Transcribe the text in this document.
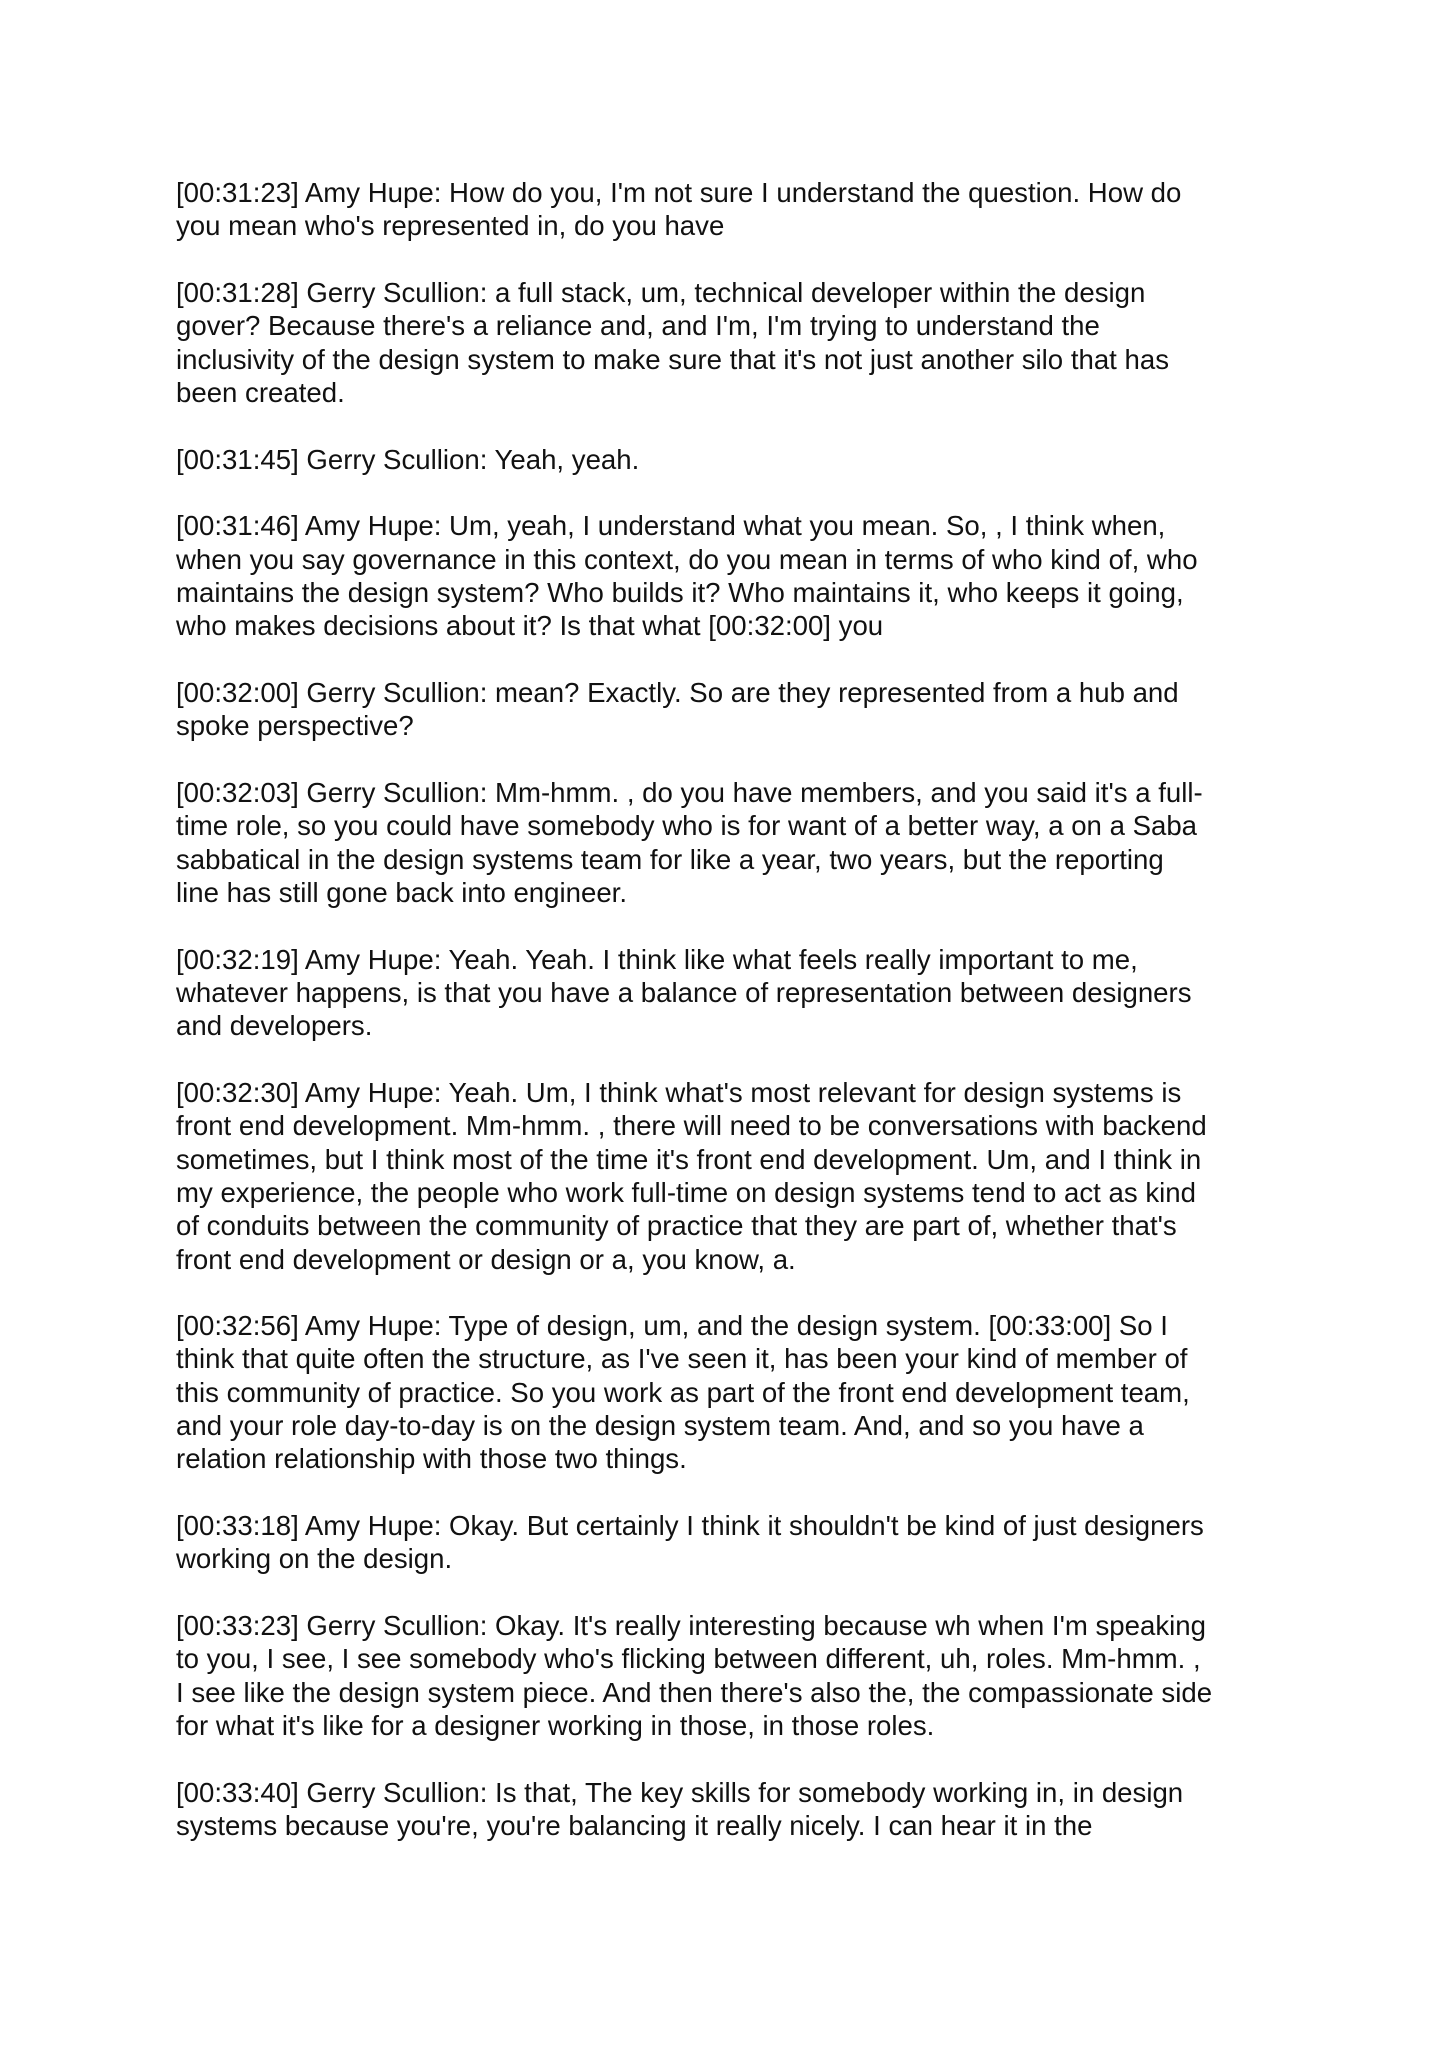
[00:31:23] Amy Hupe: How do you, I'm not sure I understand the question. How do
you mean who's represented in, do you have

[00:31:28] Gerry Scullion: a full stack, um, technical developer within the design
gover? Because there's a reliance and, and I'm, I'm trying to understand the
inclusivity of the design system to make sure that it's not just another silo that has
been created.

[00:31:45] Gerry Scullion: Yeah, yeah.

[00:31:46] Amy Hupe: Um, yeah, I understand what you mean. So, , I think when,
when you say governance in this context, do you mean in terms of who kind of, who
maintains the design system? Who builds it? Who maintains it, who keeps it going,
who makes decisions about it? Is that what [00:32:00] you

[00:32:00] Gerry Scullion: mean? Exactly. So are they represented from a hub and
spoke perspective?

[00:32:03] Gerry Scullion: Mm-hmm. , do you have members, and you said it's a full-
time role, so you could have somebody who is for want of a better way, a on a Saba
sabbatical in the design systems team for like a year, two years, but the reporting
line has still gone back into engineer.

[00:32:19] Amy Hupe: Yeah. Yeah. I think like what feels really important to me,
whatever happens, is that you have a balance of representation between designers
and developers.

[00:32:30] Amy Hupe: Yeah. Um, I think what's most relevant for design systems is
front end development. Mm-hmm. , there will need to be conversations with backend
sometimes, but I think most of the time it's front end development. Um, and I think in
my experience, the people who work full-time on design systems tend to act as kind
of conduits between the community of practice that they are part of, whether that's
front end development or design or a, you know, a.

[00:32:56] Amy Hupe: Type of design, um, and the design system. [00:33:00] So I
think that quite often the structure, as I've seen it, has been your kind of member of
this community of practice. So you work as part of the front end development team,
and your role day-to-day is on the design system team. And, and so you have a
relation relationship with those two things.

[00:33:18] Amy Hupe: Okay. But certainly I think it shouldn't be kind of just designers
working on the design.

[00:33:23] Gerry Scullion: Okay. It's really interesting because wh when I'm speaking
to you, I see, I see somebody who's flicking between different, uh, roles. Mm-hmm. ,
I see like the design system piece. And then there's also the, the compassionate side
for what it's like for a designer working in those, in those roles.

[00:33:40] Gerry Scullion: Is that, The key skills for somebody working in, in design
systems because you're, you're balancing it really nicely. I can hear it in the
